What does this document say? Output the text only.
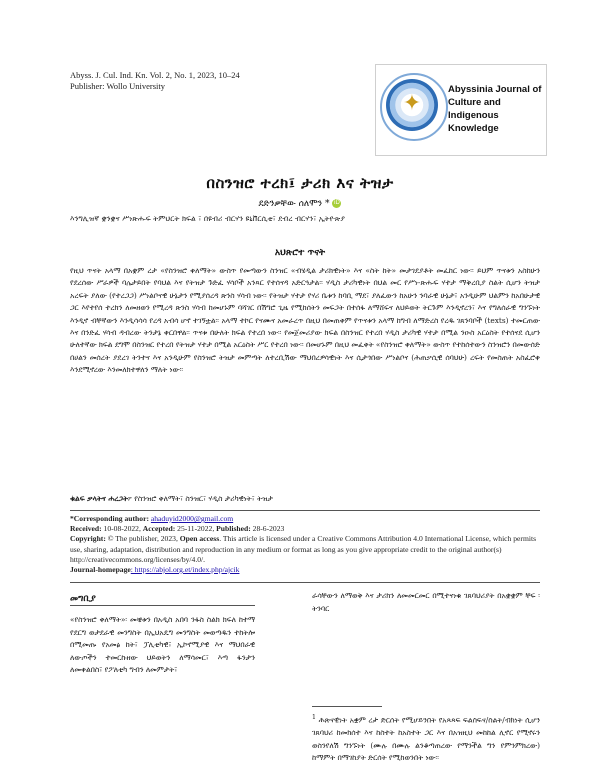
Abyss. J. Cul. Ind. Kn. Vol. 2, No. 1, 2023, 10–24
Publisher: Wollo University
✦
Abyssinia Journal of
Culture and Indigenous
Knowledge
በስንዝሮ ተረክ፤ ታሪክ እና ትዝታ
ደድንቃቸው ሰለሞን * iD
እንግሊዝኛ ቋንቋና ሥነጽሑፍ ትምህርት ክፍል ፣ በዩብሪ ብርሃን ዩኒቨርሲቲ፣ ደብረ ብርሃን፣ ኢትዮጵያ
አህጽሮተ ጥናት
የዚህ ጥናት አላማ በአቋም ረታ «የስንዝሮ ቀለማት» ውስጥ የመጣውን ስንዝር «ብሄዲል ታሪክዊነት» እና «ስት ከት» መታገደያቶት መፈከር ነው፡፡ ይህም ጥናቱን አስከሁን የደረሰው ሥራዎች ባሌታይበት የባህል እና የትዝታ ጉድፈ ሃሳቦች አንጻር የተሰናዳ አድርጓታል፡፡ ሃዲስ ታሪካዊነት በህል መር የሥነ-ጽሑፍ ሃተታ ማቅረቢያ ስልት ሲሆን ትዝታ አረፍት ያለው (የተረጋጋ) ሥነልቦናዊ ሁኔታን የሚያሰረዳ ጽንስ ሃሳብ ነው፡፡ የትዝታ ሃተታ የሃሪ ቤቱን ከባቢ ማደ፣ ያለፈውን ከአሁን ንባራዊ ሁኔታ፣ አንዲሁም ህልምን ከአበሁታዊ ጋር እየተየሰ ተረክን ለመዘወን የሚረዳ ጽንስ ሃሳብ ከመሆኑም ባሻገር በሽግሮ ጊዜ የሚከሰትን መፍጋት በተሰፋ ለማሸፍና ለህይወት ትርጉም እንዲኖረን፣ እና የግለሰራዊ ግንኙነት እንዲኖ ብቸኛውን እንዲሳሳሳ የረዳ አብሳ ሆኖ ተገኝቷል፡፡ አላማ ተኮር የናሙና አመራረጥ በዚህ በመጠቀም የጥናቱን አላማ ከግብ ለማድረስ የረዱ ገጸንባቦች (texts) ተመርጠው እና በንድፈ ሃሳብ ዳብረው ትንታኔ ቀርበዋል፡፡ ጥናቱ በሁለት ክፍል የተረበ ነው፡፡ የመጀመሪያው ክፍል በስንዝር የተረበ ሃዲስ ታሪካዊ ሃተታ በሚል ንዑስ አርዕስት የተሰናደ ሲሆን ሁለተኛው ክፍል ደግሞ በስንዝር የተረበ የትዝታ ሃተታ በሚል አርዕስት ሥር የተረበ ነው፡፡ በመሆኑም በዚህ መፈቀት «የስንዝሮ ቀለማት» ውስጥ የተከሰተውን ስንዝሮን በመውሰድ በሀልን መሰረት ያደረገ ትንተና እና አንዲሁም የስንዝሮ ትዝታ መምጣት ለተረቢሽው ማህበረዎሳዊነት እና ሲታጎበው ሥነልቦና (ሕጠቃሲዊ ሰባህሁ) ረፍት የመስጠት አስፈሮቀ እንደሚኖረው እንመለክተዋለን ማለት ነው፡፡
ቁልፍ ቃላትና ሐረጋት፦ የስንዝሮ ቀለማት፣ ስንዝር፣ ሃዲስ ታሪካዊነት፣ ትዝታ
*Corresponding author: ahaduyid2000@gmail.com
Received: 10-08-2022, Accepted: 25-11-2022, Published: 28-6-2023
Copyright: © The publisher, 2023, Open access. This article is licensed under a Creative Commons Attribution 4.0 International License, which permits use, sharing, adaptation, distribution and reproduction in any medium or format as long as you give appropriate credit to the original author(s) http://creativecommons.org/licenses/by/4.0/.
Journal-homepage: https://abjol.org.et/index.php/ajcik
መግቢያ
«የስንዝሮ ቀለማት»፡ መቼቱን በአዲስ አበባ ንፋስ ስልክ ክፍለ ከተማ የደርግ ወታደራዊ መንግስት በኢህአዴግ መንግስት መወጣዱን ተከትሎ በሚመጡ የአመፅ ከት፣ ፓሊቲካዊ፣ ኢኮኖሚያዊ እና ማህበራዊ ለውጦችን ተመርኩዘው ህይወትን ለማሳመር፣ እጣ ፋንታን ለመቀልበስ፣ የፖለቲካ ግብን ለመምታት፣
ራሳቸውን ለማወቅ እና ታሪክን ለመመርመር በሚተናነቁ ገጸባህሪያት በአቋቋም ቸፍ ፡ ትንባር
$^1$ ሕጽናዊነት አቋም ረታ ድርሰት የሚሆይንበት የአጻጻፍ ፍልስፍና/ስልት/ብክነት ሲሆን ገጸባህሪ ከመክሰተ እና ከስተት ከአስተት ጋር እና በአዝዚህ መከከል ሊኖር የሚኖሩን ወስንየለሽ ግንኙነት (ሙሉ በሙሉ ልንቆጣጠረው የማንችል ግን የምንምክረው) ከማምት በማገከያት ድርሰት የሚከወንበት ነው፡፡
